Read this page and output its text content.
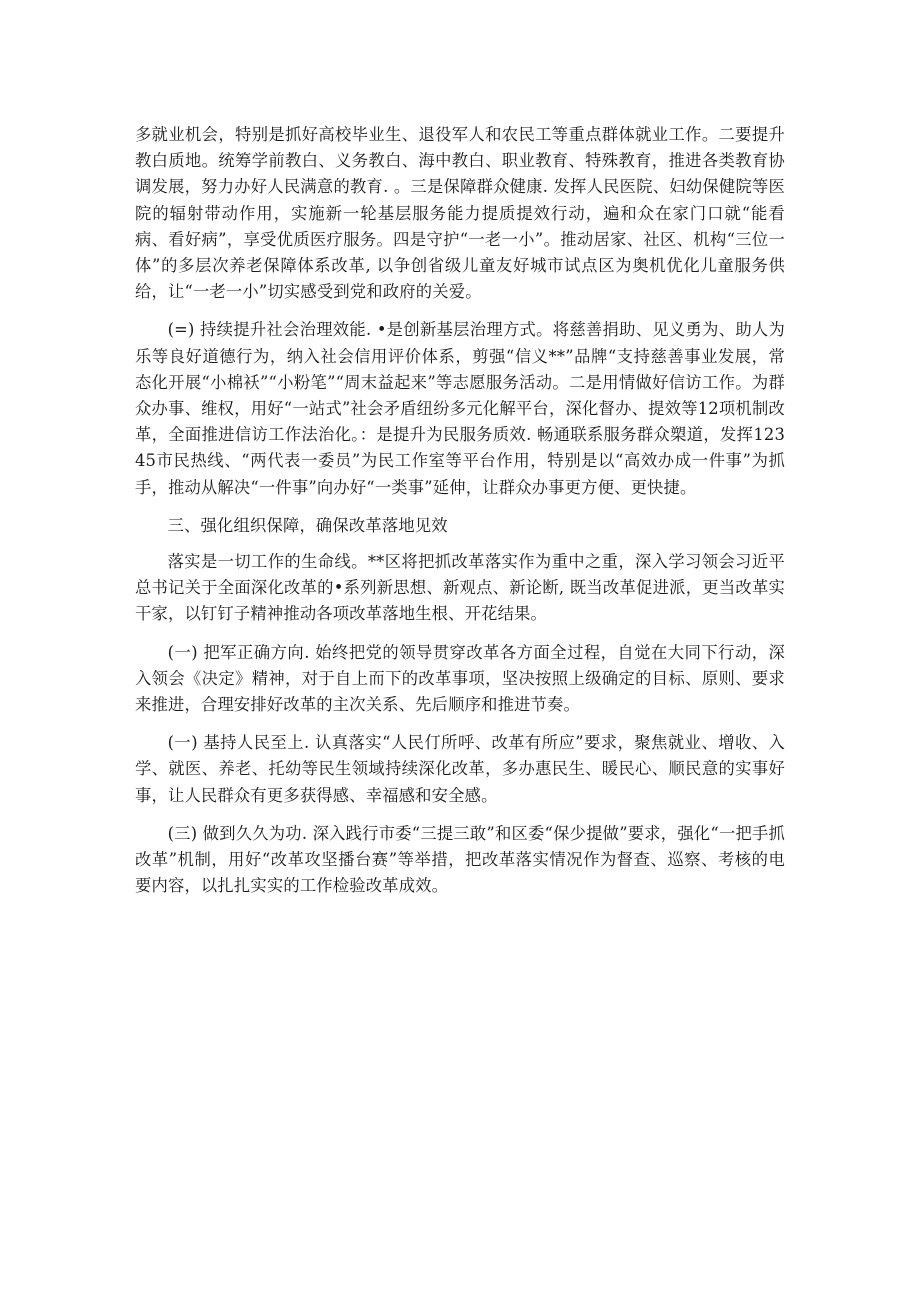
多就业机会，特别是抓好高校毕业生、退役军人和农民工等重点群体就业工作。二要提升教白质地。统筹学前教白、义务教白、海中教白、职业教育、特殊教育，推进各类教育协调发展，努力办好人民满意的教育. 。三是保障群众健康. 发挥人民医院、妇幼保健院等医院的辐射带动作用，实施新一轮基层服务能力提质提效行动，遍和众在家门口就“能看病、看好病”，享受优质医疗服务。四是守护“一老一小”。推动居家、社区、机构“三位一体”的多层次养老保障体系改革, 以争创省级儿童友好城市试点区为奥机优化儿童服务供给，让“一老一小”切实感受到党和政府的关爱。

(=) 持续提升社会治理效能. •是创新基层治理方式。将慈善捐助、见义勇为、助人为乐等良好道德行为，纳入社会信用评价体系，剪强“信义**”品牌“支持慈善事业发展，常态化开展“小棉袄”“小粉笔”“周末益起来”等志愿服务活动。二是用情做好信访工作。为群众办事、维权，用好“一站式”社会矛盾纽纷多元化解平台，深化督办、提效等12项机制改革，全面推进信访工作法治化。：是提升为民服务质效. 畅通联系服务群众槊道，发挥12345市民热线、“两代表一委员”为民工作室等平台作用，特别是以“高效办成一件事”为抓手，推动从解决“一件事”向办好“一类事”延伸，让群众办事更方便、更快捷。

三、强化组织保障，确保改革落地见效

落实是一切工作的生命线。**区将把抓改革落实作为重中之重，深入学习领会习近平总书记关于全面深化改革的•系列新思想、新观点、新论断, 既当改革促进派，更当改革实干家，以钉钉子精神推动各项改革落地生根、开花结果。

(一) 把军正确方向. 始终把党的领导贯穿改革各方面全过程，自觉在大同下行动，深入领会《决定》精神，对于自上而下的改革事项，坚决按照上级确定的目标、原则、要求来推进，合理安排好改革的主次关系、先后顺序和推进节奏。

(一) 基持人民至上. 认真落实“人民仃所呼、改革有所应”要求，聚焦就业、增收、入学、就医、养老、托幼等民生领域持续深化改革，多办惠民生、暖民心、顺民意的实事好事，让人民群众有更多获得感、幸福感和安全感。

(三) 做到久久为功. 深入践行市委“三提三敢”和区委“保少提做”要求，强化“一把手抓改革”机制，用好“改革攻坚播台赛”等举措，把改革落实情况作为督查、巡察、考核的电要内容，以扎扎实实的工作检验改革成效。
